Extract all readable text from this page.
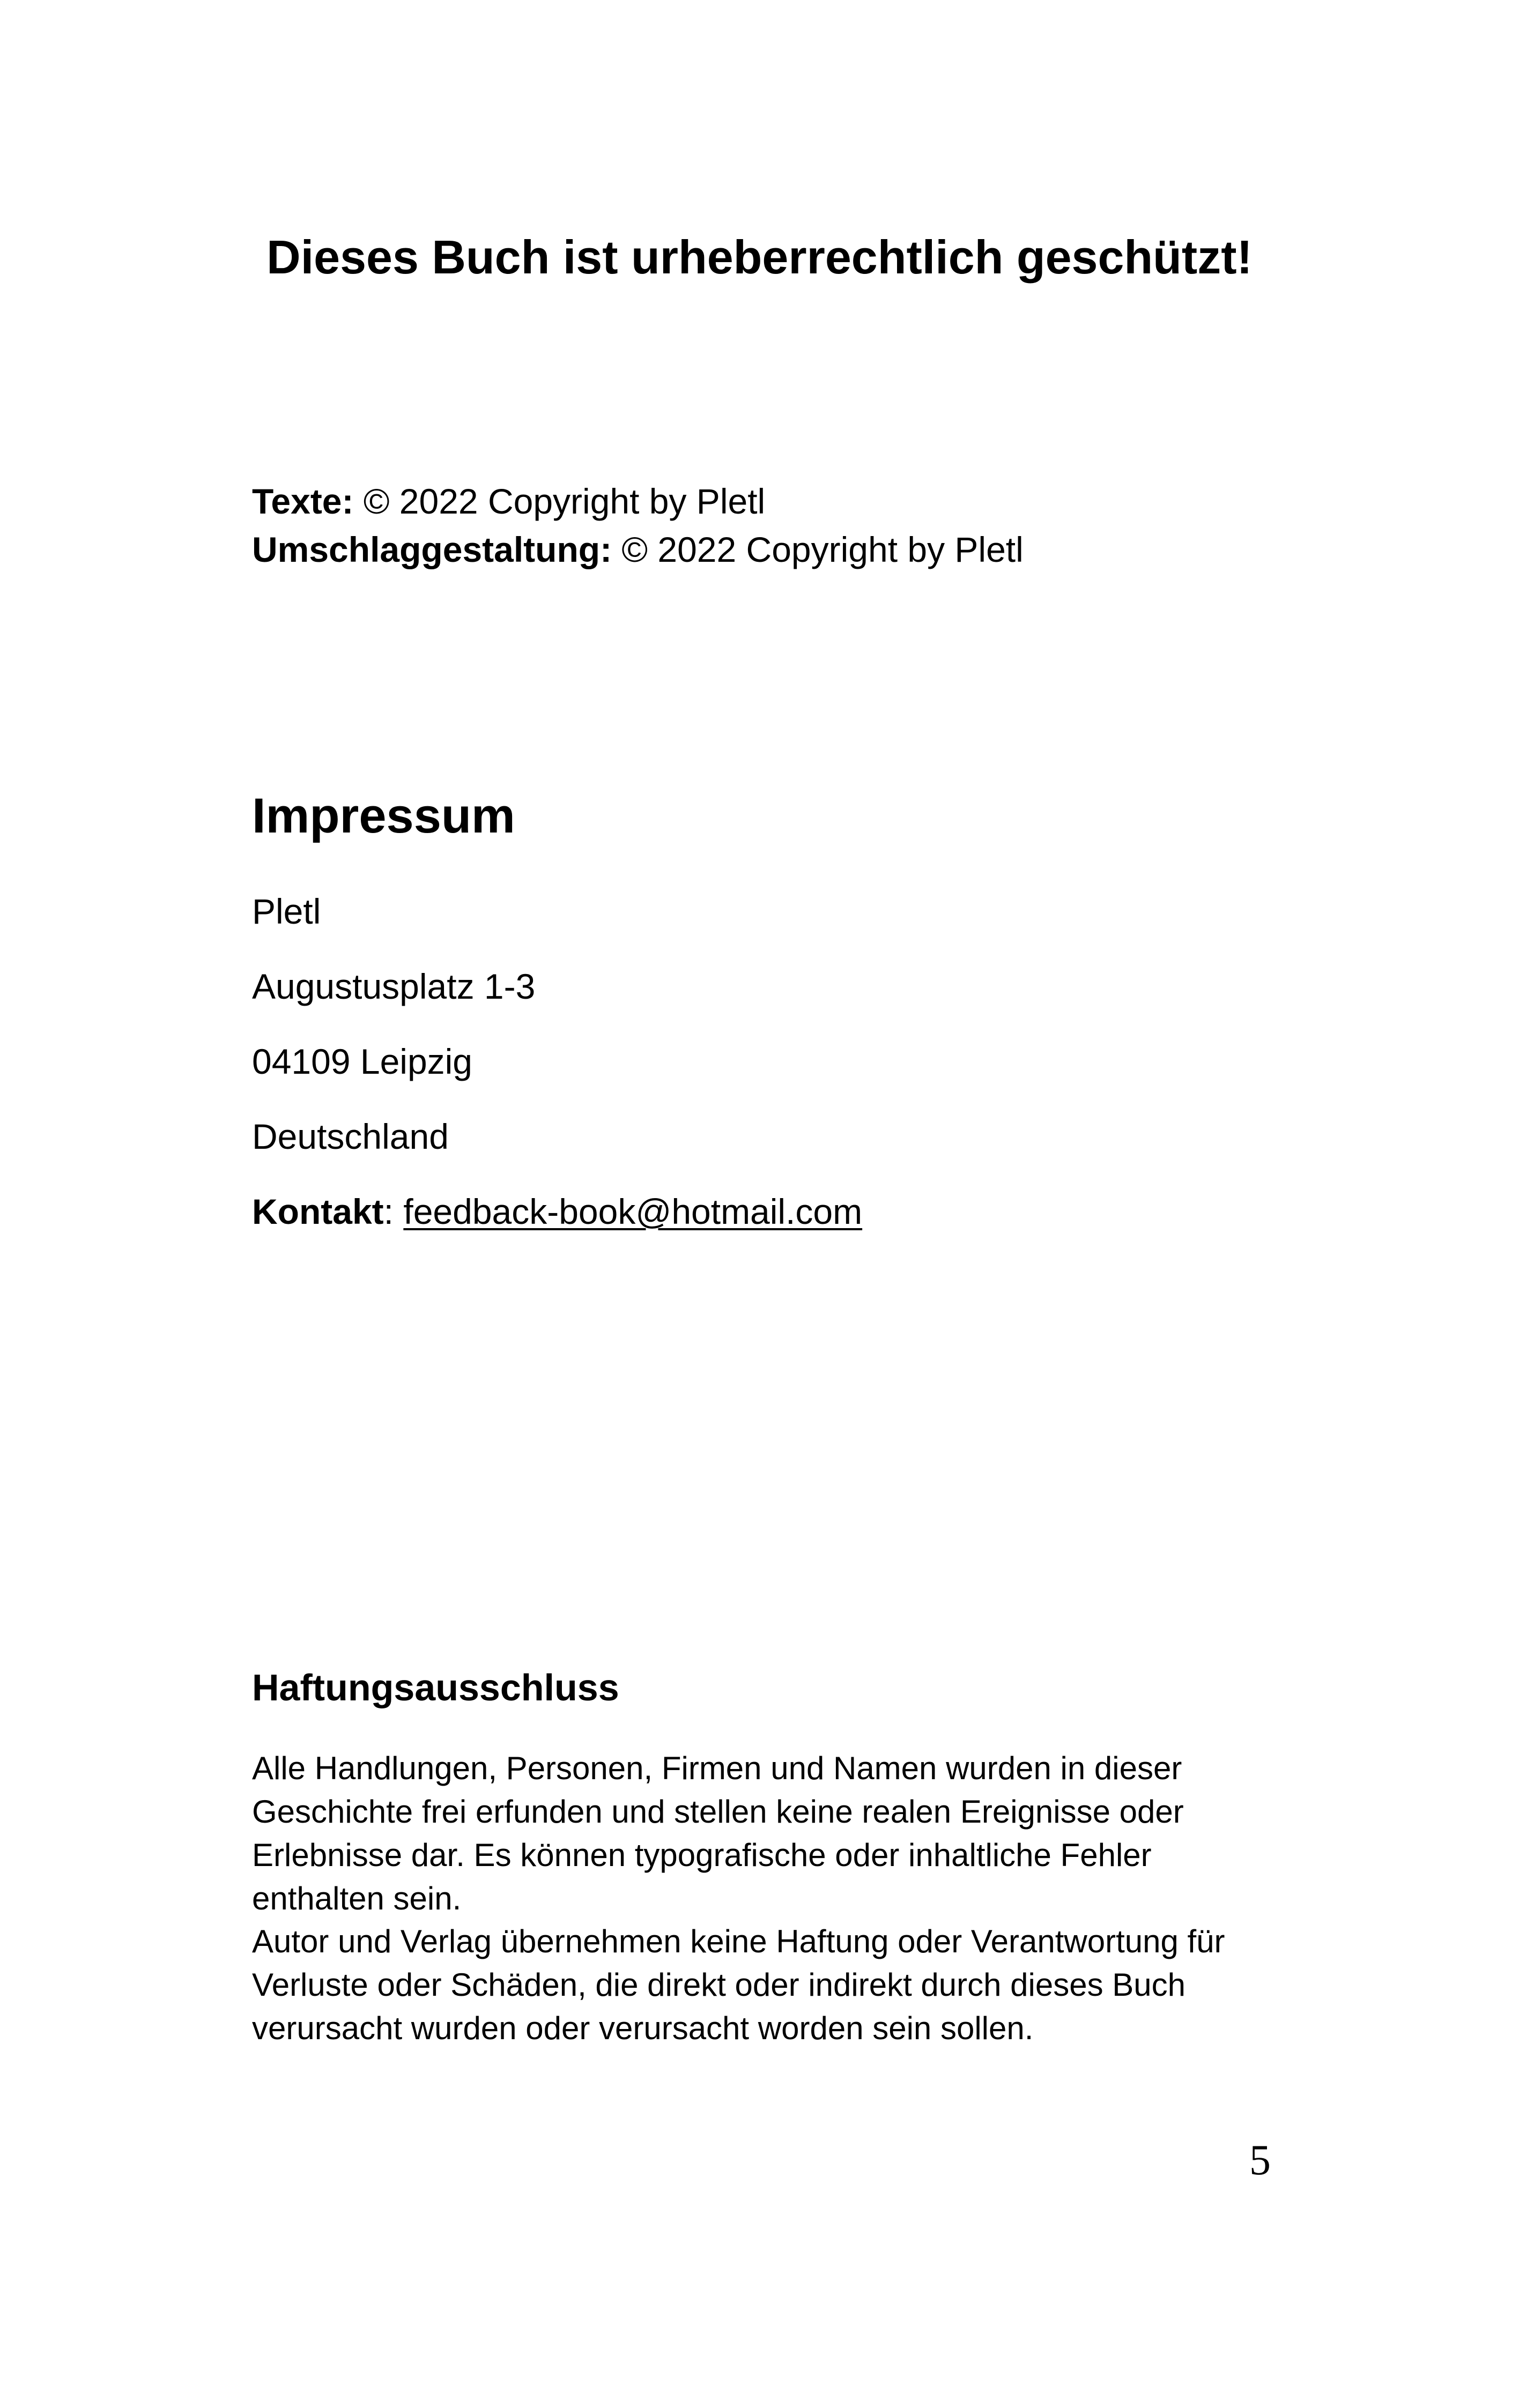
Dieses Buch ist urheberrechtlich geschützt!
Texte: © 2022 Copyright by Pletl
Umschlaggestaltung: © 2022 Copyright by Pletl
Impressum
Pletl
Augustusplatz 1-3
04109 Leipzig
Deutschland
Kontakt: feedback-book@hotmail.com
Haftungsausschluss

Alle Handlungen, Personen, Firmen und Namen wurden in dieser Geschichte frei erfunden und stellen keine realen Ereignisse oder Erlebnisse dar. Es können typografische oder inhaltliche Fehler enthalten sein.

Autor und Verlag übernehmen keine Haftung oder Verantwortung für Verluste oder Schäden, die direkt oder indirekt durch dieses Buch verursacht wurden oder verursacht worden sein sollen.

5
